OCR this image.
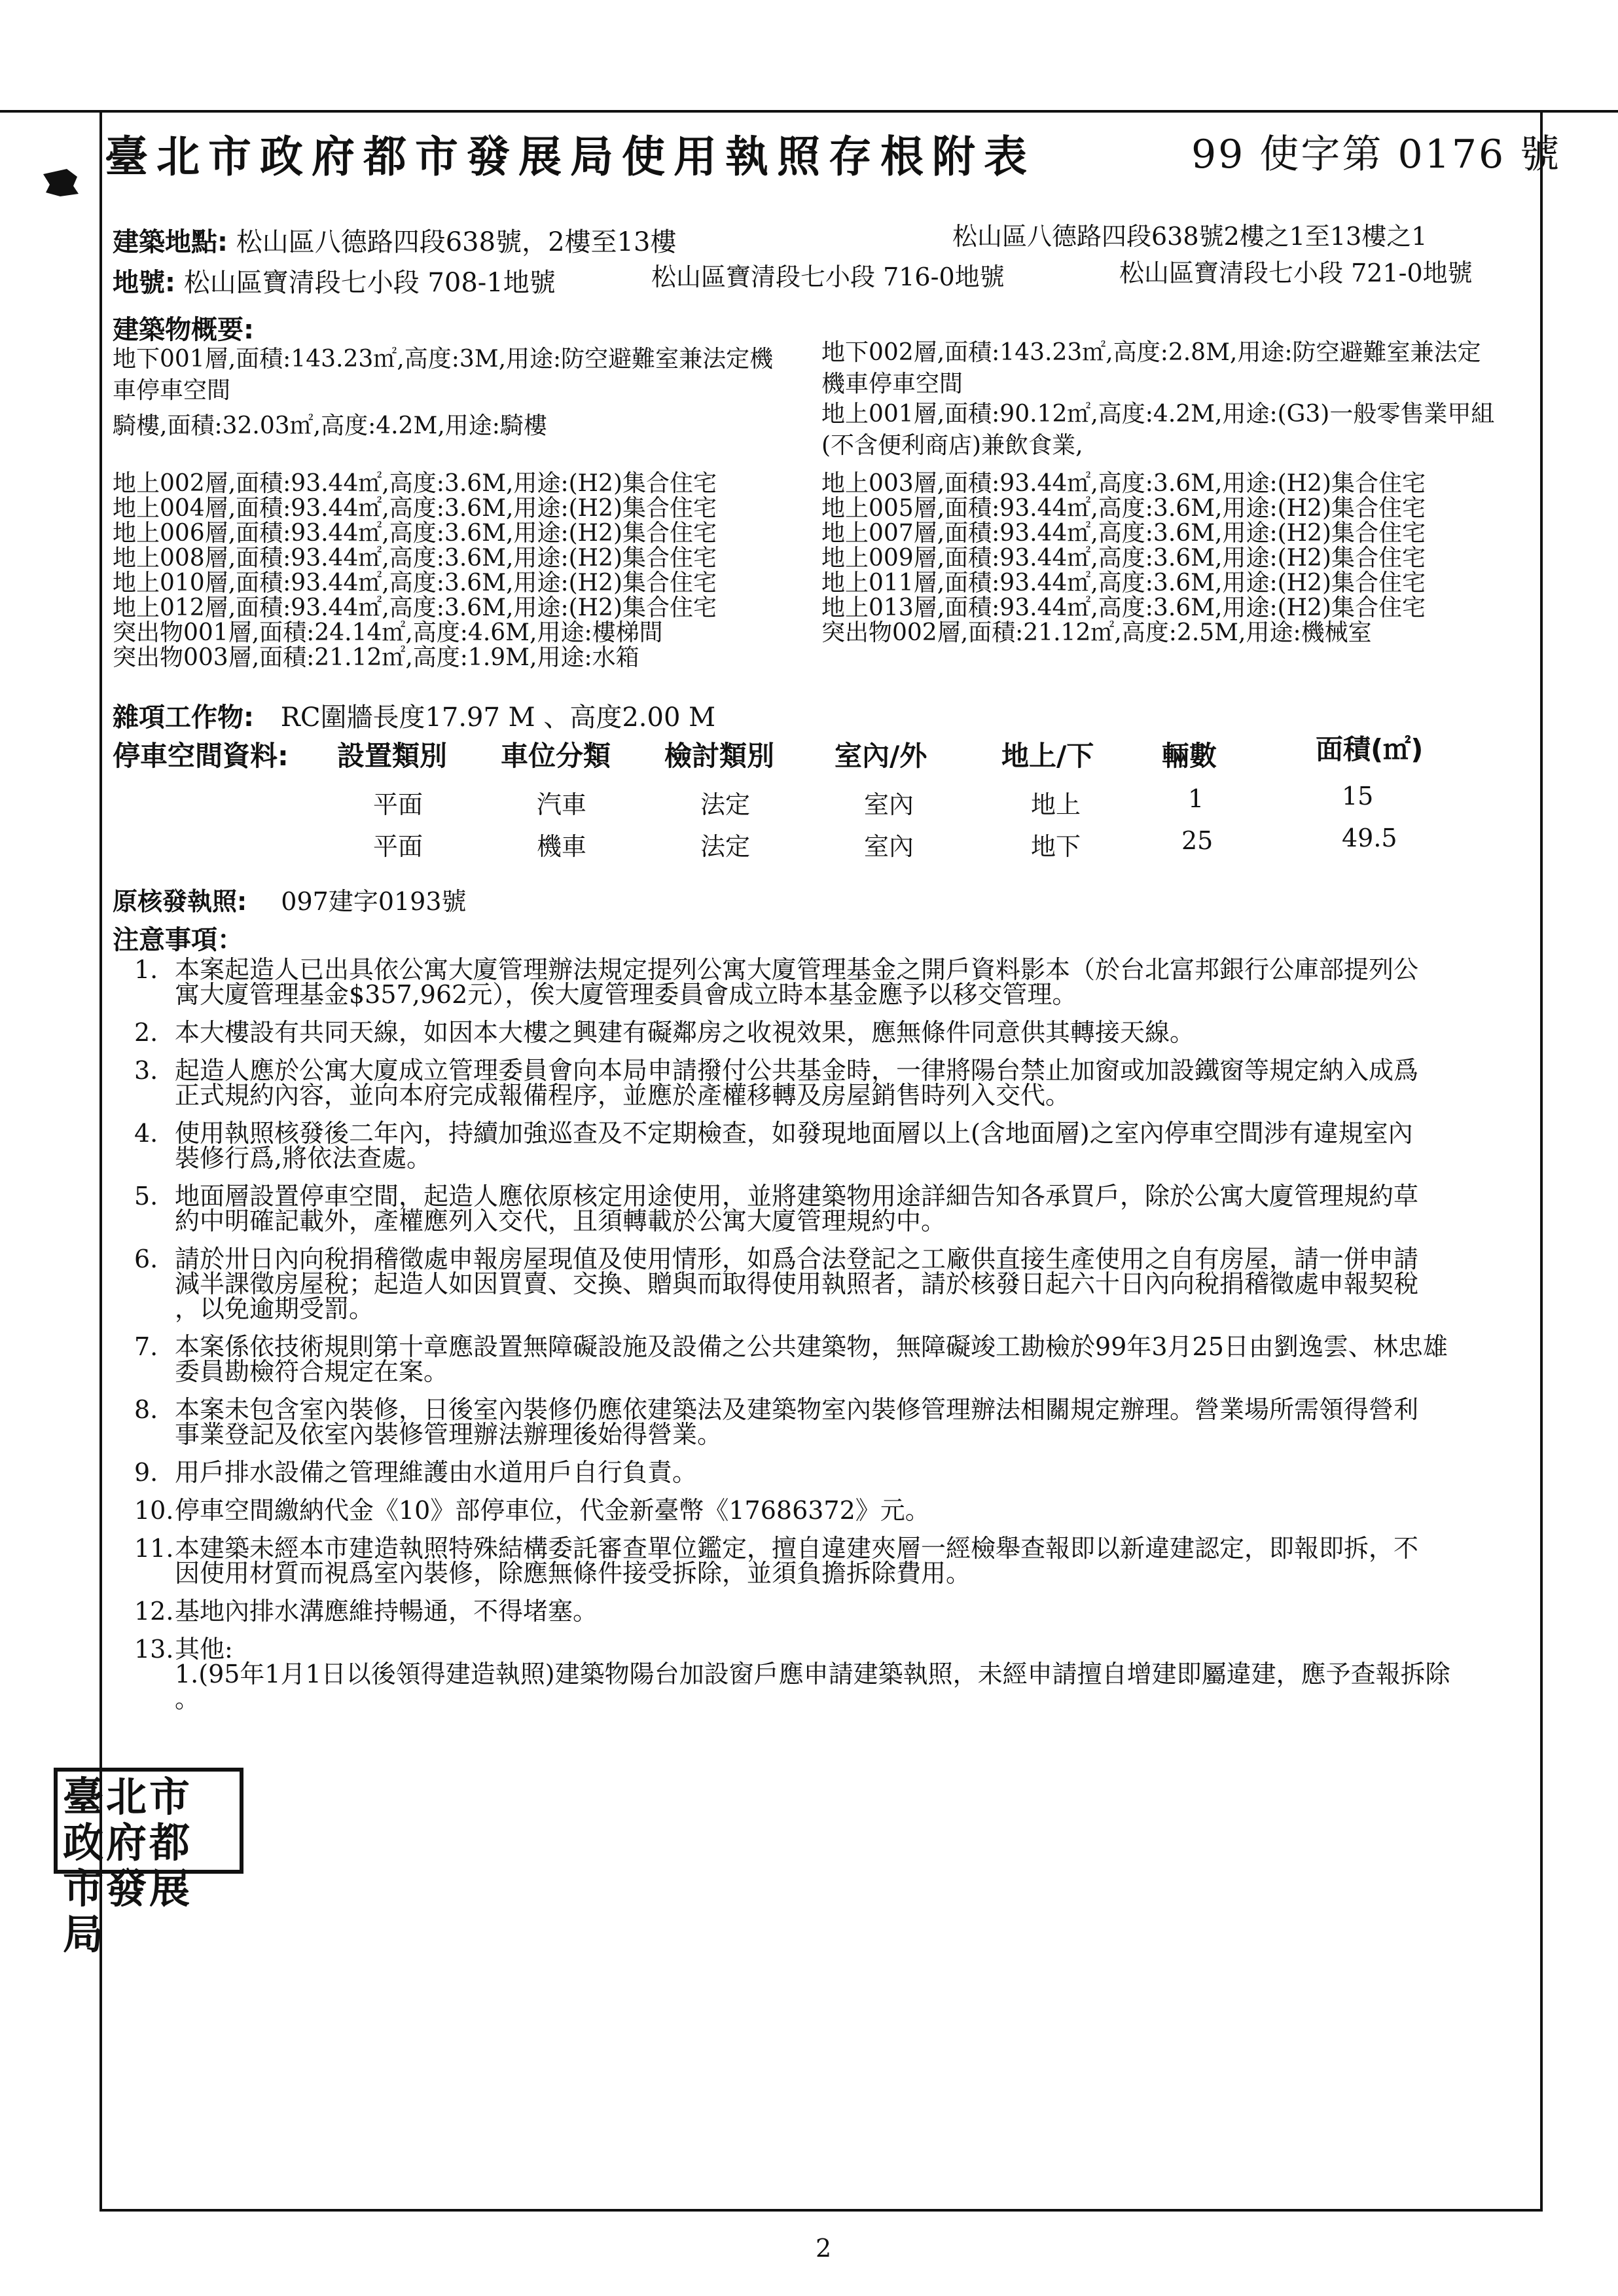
臺北市政府都市發展局使用執照存根附表	99 使字第 0176 號
建築地點: 松山區八德路四段638號，2樓至13樓	松山區八德路四段638號2樓之1至13樓之1
地號: 松山區寶清段七小段 708-1地號	松山區寶清段七小段 716-0地號	松山區寶清段七小段 721-0地號
建築物概要:
地下001層,面積:143.23㎡,高度:3M,用途:防空避難室兼法定機
車停車空間
騎樓,面積:32.03㎡,高度:4.2M,用途:騎樓
地下002層,面積:143.23㎡,高度:2.8M,用途:防空避難室兼法定
機車停車空間
地上001層,面積:90.12㎡,高度:4.2M,用途:(G3)一般零售業甲組
(不含便利商店)兼飲食業,
地上002層,面積:93.44㎡,高度:3.6M,用途:(H2)集合住宅
地上004層,面積:93.44㎡,高度:3.6M,用途:(H2)集合住宅
地上006層,面積:93.44㎡,高度:3.6M,用途:(H2)集合住宅
地上008層,面積:93.44㎡,高度:3.6M,用途:(H2)集合住宅
地上010層,面積:93.44㎡,高度:3.6M,用途:(H2)集合住宅
地上012層,面積:93.44㎡,高度:3.6M,用途:(H2)集合住宅
突出物001層,面積:24.14㎡,高度:4.6M,用途:樓梯間
突出物003層,面積:21.12㎡,高度:1.9M,用途:水箱
地上003層,面積:93.44㎡,高度:3.6M,用途:(H2)集合住宅
地上005層,面積:93.44㎡,高度:3.6M,用途:(H2)集合住宅
地上007層,面積:93.44㎡,高度:3.6M,用途:(H2)集合住宅
地上009層,面積:93.44㎡,高度:3.6M,用途:(H2)集合住宅
地上011層,面積:93.44㎡,高度:3.6M,用途:(H2)集合住宅
地上013層,面積:93.44㎡,高度:3.6M,用途:(H2)集合住宅
突出物002層,面積:21.12㎡,高度:2.5M,用途:機械室
雜項工作物: RC圍牆長度17.97 M 、高度2.00 M
停車空間資料: 設置類別 車位分類 檢討類別 室內/外	地上/下 輛數	面積(㎡)
平面	汽車	法定	室內	地上	1	15
平面	機車	法定	室內	地下	25	49.5
原核發執照: 097建字0193號
注意事項：
1. 本案起造人已出具依公寓大廈管理辦法規定提列公寓大廈管理基金之開戶資料影本（於台北富邦銀行公庫部提列公
寓大廈管理基金$357,962元），俟大廈管理委員會成立時本基金應予以移交管理。
2. 本大樓設有共同天線，如因本大樓之興建有礙鄰房之收視效果，應無條件同意供其轉接天線。
3. 起造人應於公寓大廈成立管理委員會向本局申請撥付公共基金時，一律將陽台禁止加窗或加設鐵窗等規定納入成爲
正式規約內容，並向本府完成報備程序，並應於產權移轉及房屋銷售時列入交代。
4. 使用執照核發後二年內，持續加強巡查及不定期檢查，如發現地面層以上(含地面層)之室內停車空間涉有違規室內
裝修行爲,將依法查處。
5. 地面層設置停車空間，起造人應依原核定用途使用，並將建築物用途詳細告知各承買戶，除於公寓大廈管理規約草
約中明確記載外，產權應列入交代，且須轉載於公寓大廈管理規約中。
6. 請於卅日內向稅捐稽徵處申報房屋現值及使用情形，如爲合法登記之工廠供直接生產使用之自有房屋，請一併申請
減半課徵房屋稅；起造人如因買賣、交換、贈與而取得使用執照者，請於核發日起六十日內向稅捐稽徵處申報契稅
，以免逾期受罰。
7. 本案係依技術規則第十章應設置無障礙設施及設備之公共建築物，無障礙竣工勘檢於99年3月25日由劉逸雲、林忠雄
委員勘檢符合規定在案。
8. 本案未包含室內裝修，日後室內裝修仍應依建築法及建築物室內裝修管理辦法相關規定辦理。營業場所需領得營利
事業登記及依室內裝修管理辦法辦理後始得營業。
9. 用戶排水設備之管理維護由水道用戶自行負責。
10. 停車空間繳納代金《10》部停車位，代金新臺幣《17686372》元。
11. 本建築未經本市建造執照特殊結構委託審查單位鑑定，擅自違建夾層一經檢舉查報即以新違建認定，即報即拆，不
因使用材質而視爲室內裝修，除應無條件接受拆除，並須負擔拆除費用。
12. 基地內排水溝應維持暢通，不得堵塞。
13. 其他:
1.(95年1月1日以後領得建造執照)建築物陽台加設窗戶應申請建築執照，未經申請擅自增建即屬違建，應予查報拆除
。
臺北市政府都市發展局
2
